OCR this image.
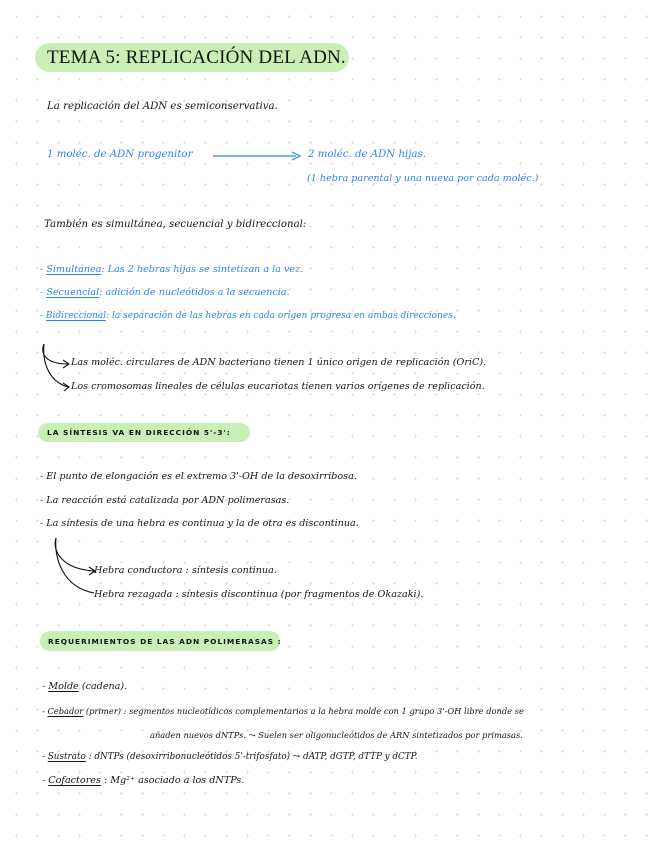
TEMA 5: REPLICACIÓN DEL ADN.
La replicación del ADN es semiconservativa.
1 moléc. de ADN progenitor	2 moléc. de ADN hijas.
(1 hebra parental y una nueva por cada moléc.)
También es simultánea, secuencial y bidireccional:
- Simultánea: Las 2 hebras hijas se sintetizan a la vez.
- Secuencial: adición de nucleótidos a la secuencia.
- Bidireccional: la separación de las hebras en cada origen progresa en ambas direcciones.
Las moléc. circulares de ADN bacteriano tienen 1 único origen de replicación (OriC).
Los cromosomas lineales de células eucariotas tienen varios orígenes de replicación.
LA SÍNTESIS VA EN DIRECCIÓN 5'-3':
- El punto de elongación es el extremo 3'-OH de la desoxirribosa.
- La reacción está catalizada por ADN polimerasas.
- La síntesis de una hebra es continua y la de otra es discontinua.
Hebra conductora : síntesis continua.
Hebra rezagada : síntesis discontinua (por fragmentos de Okazaki).
REQUERIMIENTOS DE LAS ADN POLIMERASAS :
- Molde (cadena).
- Cebador (primer) : segmentos nucleotídicos complementarios a la hebra molde con 1 grupo 3'-OH libre donde se
añaden nuevos dNTPs. ⤳ Suelen ser oligonucleótidos de ARN sintetizados por primasas.
- Sustrato : dNTPs (desoxirribonucleótidos 5'-trifosfato) ⤳ dATP, dGTP, dTTP y dCTP.
- Cofactores : Mg²⁺ asociado a los dNTPs.
